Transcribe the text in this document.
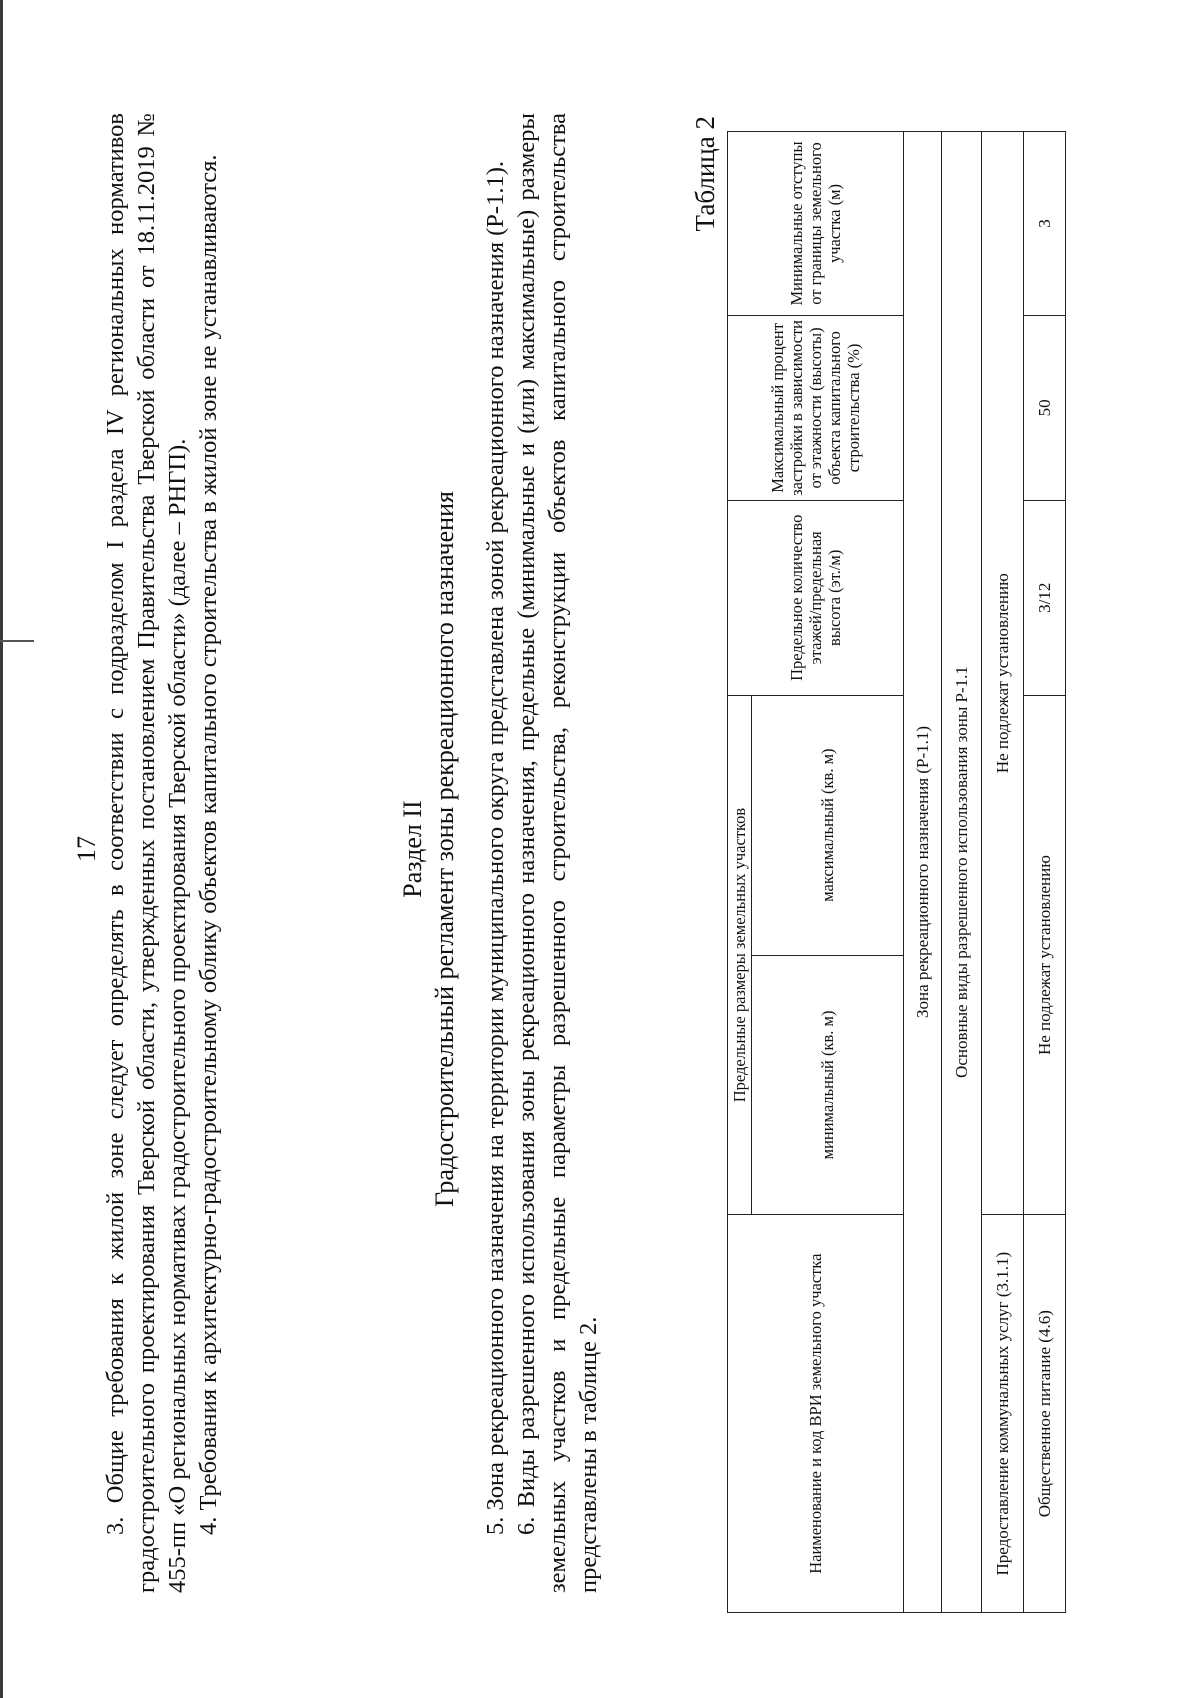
17 3. Общие требования к жилой зоне следует определять в соответствии с подразделом I раздела IV региональных нормативов градостроительного проектирования Тверской области, утвержденных постановлением Правительства Тверской области от 18.11.2019 № 455-пп «О региональных нормативах градостроительного проектирования Тверской области» (далее – РНГП). 4. Требования к архитектурно-градостроительному облику объектов капитального строительства в жилой зоне не устанавливаются.	Раздел II Градостроительный регламент зоны рекреационного назначения 5. Зона рекреационного назначения на территории муниципального округа представлена зоной рекреационного назначения (Р-1.1). 6. Виды разрешенного использования зоны рекреационного назначения, предельные (минимальные и (или) максимальные) размеры земельных участков и предельные параметры разрешенного строительства, реконструкции объектов капитального строительства представлены в таблице 2.

Таблица 2
Наименование и код ВРИ земельного участка	Предельные размеры земельных участков		Предельное количество этажей/предельная высота (эт./м)	Максимальный процент застройки в зависимости от этажности (высоты) объекта капитального строительства (%)	Минимальные отступы от границы земельного участка (м)
	минимальный (кв. м)	максимальный (кв. м)			
Зона рекреационного назначения (Р-1.1)					
Основные виды разрешенного использования зоны Р-1.1					
Предоставление коммунальных услуг (3.1.1)	Не подлежат установлению				
Общественное питание (4.6)	Не подлежат установлению		3/12	50	3
